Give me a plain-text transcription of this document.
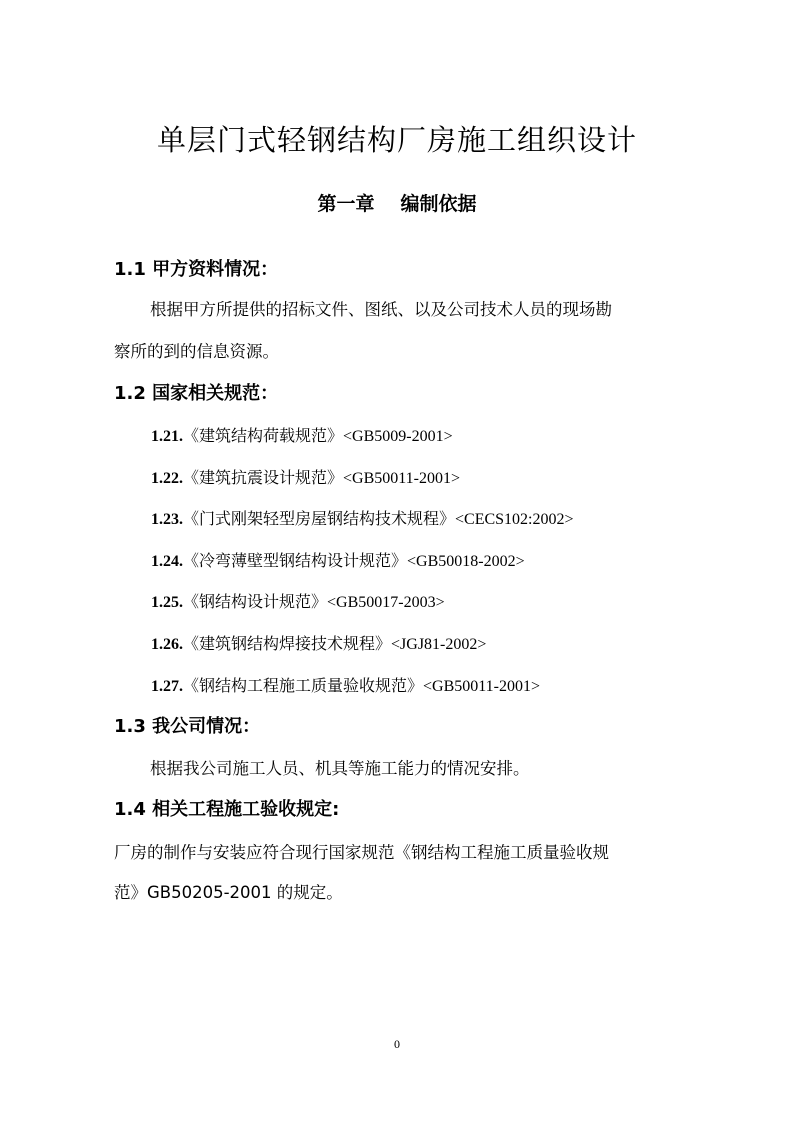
单层门式轻钢结构厂房施工组织设计
第一章 编制依据
1.1 甲方资料情况：
根据甲方所提供的招标文件、图纸、以及公司技术人员的现场勘
察所的到的信息资源。
1.2 国家相关规范：
1.21.《建筑结构荷载规范》<GB5009-2001>
1.22.《建筑抗震设计规范》<GB50011-2001>
1.23.《门式刚架轻型房屋钢结构技术规程》<CECS102:2002>
1.24.《冷弯薄壁型钢结构设计规范》<GB50018-2002>
1.25.《钢结构设计规范》<GB50017-2003>
1.26.《建筑钢结构焊接技术规程》<JGJ81-2002>
1.27.《钢结构工程施工质量验收规范》<GB50011-2001>
1.3 我公司情况：
根据我公司施工人员、机具等施工能力的情况安排。
1.4 相关工程施工验收规定:
厂房的制作与安装应符合现行国家规范《钢结构工程施工质量验收规
范》GB50205-2001 的规定。
0
